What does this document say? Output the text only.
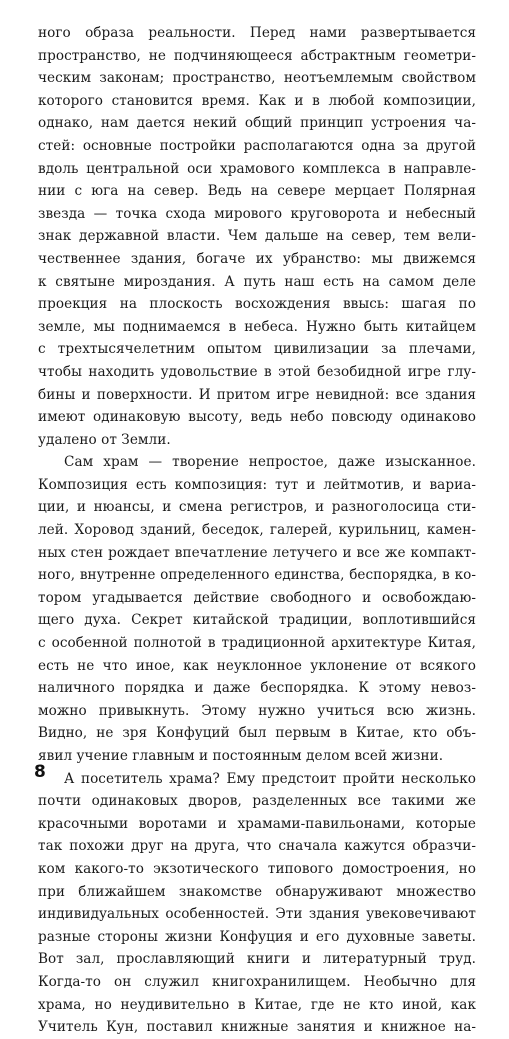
ного образа реальности. Перед нами развертывается
пространство, не подчиняющееся абстрактным геометри-
ческим законам; пространство, неотъемлемым свойством
которого становится время. Как и в любой композиции,
однако, нам дается некий общий принцип устроения ча-
стей: основные постройки располагаются одна за другой
вдоль центральной оси храмового комплекса в направле-
нии с юга на север. Ведь на севере мерцает Полярная
звезда — точка схода мирового круговорота и небесный
знак державной власти. Чем дальше на север, тем вели-
чественнее здания, богаче их убранство: мы движемся
к святыне мироздания. А путь наш есть на самом деле
проекция на плоскость восхождения ввысь: шагая по
земле, мы поднимаемся в небеса. Нужно быть китайцем
с трехтысячелетним опытом цивилизации за плечами,
чтобы находить удовольствие в этой безобидной игре глу-
бины и поверхности. И притом игре невидной: все здания
имеют одинаковую высоту, ведь небо повсюду одинаково
удалено от Земли.
Сам храм — творение непростое, даже изысканное.
Композиция есть композиция: тут и лейтмотив, и вариа-
ции, и нюансы, и смена регистров, и разноголосица сти-
лей. Хоровод зданий, беседок, галерей, курильниц, камен-
ных стен рождает впечатление летучего и все же компакт-
ного, внутренне определенного единства, беспорядка, в ко-
тором угадывается действие свободного и освобождаю-
щего духа. Секрет китайской традиции, воплотившийся
с особенной полнотой в традиционной архитектуре Китая,
есть не что иное, как неуклонное уклонение от всякого
наличного порядка и даже беспорядка. К этому невоз-
можно привыкнуть. Этому нужно учиться всю жизнь.
Видно, не зря Конфуций был первым в Китае, кто объ-
явил учение главным и постоянным делом всей жизни.
А посетитель храма? Ему предстоит пройти несколько
почти одинаковых дворов, разделенных все такими же
красочными воротами и храмами-павильонами, которые
так похожи друг на друга, что сначала кажутся образчи-
ком какого-то экзотического типового домостроения, но
при ближайшем знакомстве обнаруживают множество
индивидуальных особенностей. Эти здания увековечивают
разные стороны жизни Конфуция и его духовные заветы.
Вот зал, прославляющий книги и литературный труд.
Когда-то он служил книгохранилищем. Необычно для
храма, но неудивительно в Китае, где не кто иной, как
Учитель Кун, поставил книжные занятия и книжное на-
8
